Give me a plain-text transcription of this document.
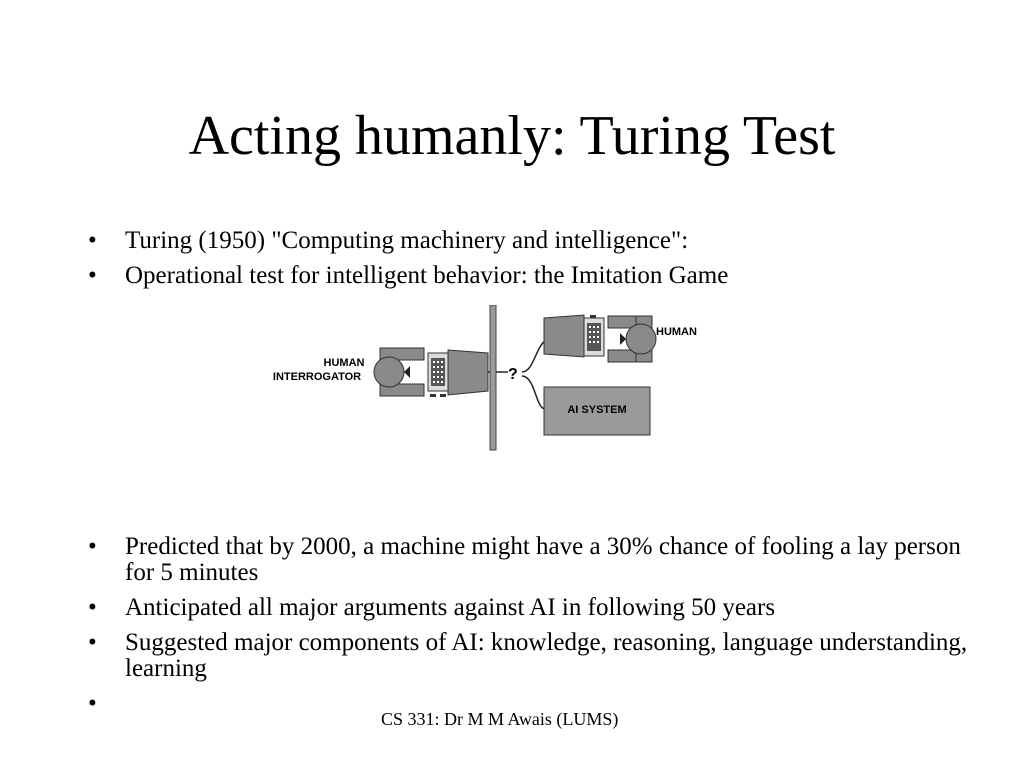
Acting humanly: Turing Test
•	Turing (1950) "Computing machinery and intelligence":
•	Operational test for intelligent behavior: the Imitation Game
HUMAN
INTERROGATOR	?
HUMAN
AI SYSTEM
•	Predicted that by 2000, a machine might have a 30% chance of fooling a lay person for 5 minutes
•	Anticipated all major arguments against AI in following 50 years
•	Suggested major components of AI: knowledge, reasoning, language understanding, learning
•
CS 331: Dr M M Awais (LUMS)
